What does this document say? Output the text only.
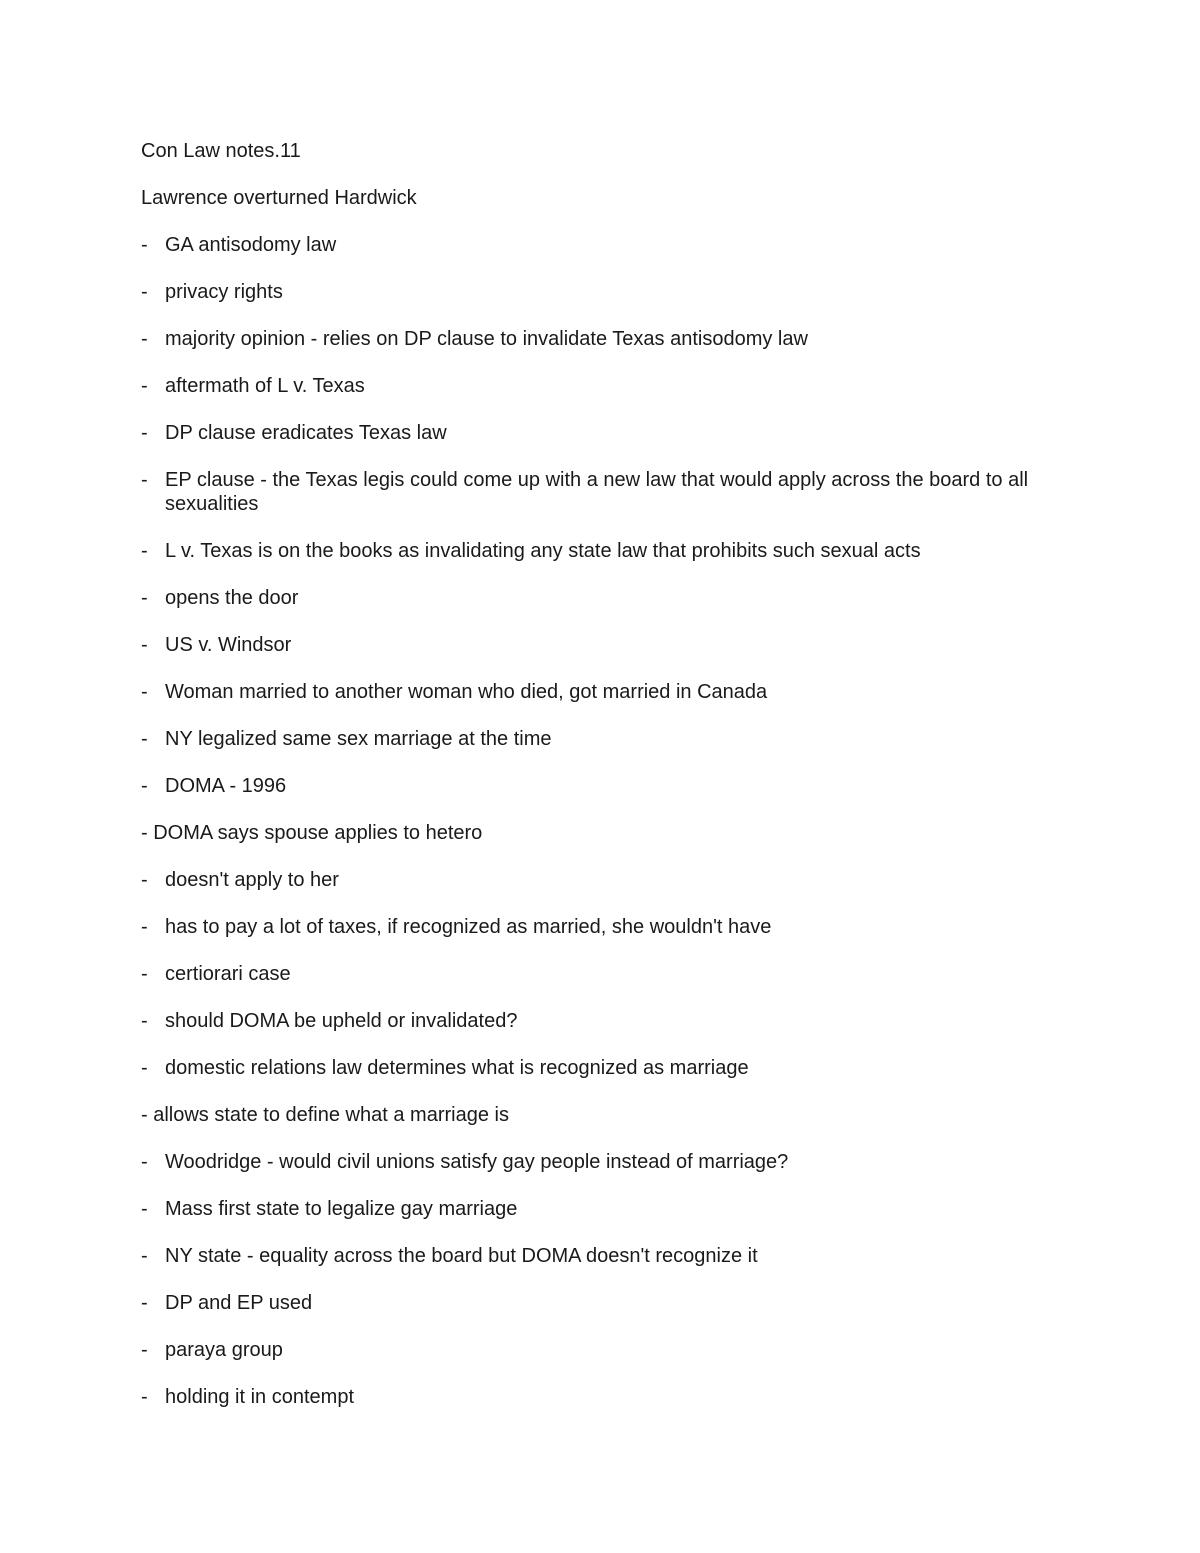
Con Law notes.11
Lawrence overturned Hardwick
- GA antisodomy law
- privacy rights
- majority opinion - relies on DP clause to invalidate Texas antisodomy law
- aftermath of L v. Texas
- DP clause eradicates Texas law
- EP clause - the Texas legis could come up with a new law that would apply across the board to all sexualities
- L v. Texas is on the books as invalidating any state law that prohibits such sexual acts
- opens the door
- US v. Windsor
- Woman married to another woman who died, got married in Canada
- NY legalized same sex marriage at the time
- DOMA - 1996
- DOMA says spouse applies to hetero
- doesn't apply to her
- has to pay a lot of taxes, if recognized as married, she wouldn't have
- certiorari case
- should DOMA be upheld or invalidated?
- domestic relations law determines what is recognized as marriage
- allows state to define what a marriage is
- Woodridge - would civil unions satisfy gay people instead of marriage?
- Mass first state to legalize gay marriage
- NY state - equality across the board but DOMA doesn't recognize it
- DP and EP used
- paraya group
- holding it in contempt
